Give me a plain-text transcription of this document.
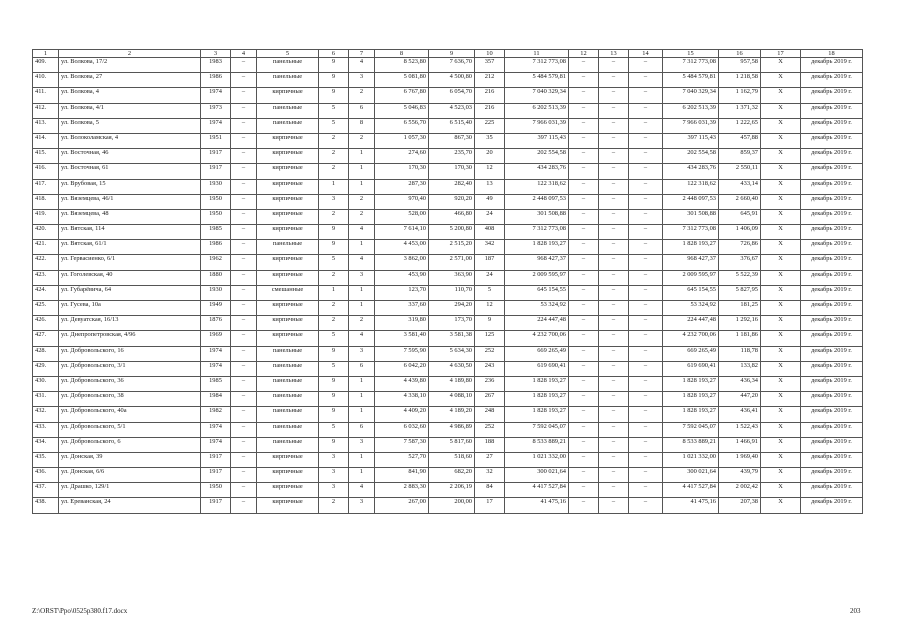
1	2	3	4	5	6	7	8	9	10	11	12	13	14	15	16	17	18
409.	ул. Волкова, 17/2	1983	–	панельные	9	4	8 523,80	7 636,70	357	7 312 773,08	–	–	–	7 312 773,08	957,58	X	декабрь 2019 г.
410.	ул. Волкова, 27	1986	–	панельные	9	3	5 081,80	4 500,80	212	5 484 579,81	–	–	–	5 484 579,81	1 218,58	X	декабрь 2019 г.
411.	ул. Волкова, 4	1974	–	кирпичные	9	2	6 767,80	6 054,70	216	7 040 329,34	–	–	–	7 040 329,34	1 162,79	X	декабрь 2019 г.
412.	ул. Волкова, 4/1	1973	–	панельные	5	6	5 046,83	4 523,03	216	6 202 513,39	–	–	–	6 202 513,39	1 371,32	X	декабрь 2019 г.
413.	ул. Волкова, 5	1974	–	панельные	5	8	6 556,70	6 515,40	225	7 966 031,39	–	–	–	7 966 031,39	1 222,65	X	декабрь 2019 г.
414.	ул. Волоколамская, 4	1951	–	кирпичные	2	2	1 057,30	867,30	35	397 115,43	–	–	–	397 115,43	457,88	X	декабрь 2019 г.
415.	ул. Восточная, 46	1917	–	кирпичные	2	1	274,60	235,70	20	202 554,58	–	–	–	202 554,58	859,37	X	декабрь 2019 г.
416.	ул. Восточная, 61	1917	–	кирпичные	2	1	170,30	170,30	12	434 283,76	–	–	–	434 283,76	2 550,11	X	декабрь 2019 г.
417.	ул. Врубовая, 15	1930	–	кирпичные	1	1	287,30	282,40	13	122 318,62	–	–	–	122 318,62	433,14	X	декабрь 2019 г.
418.	ул. Вяземцева, 46/1	1950	–	кирпичные	3	2	970,40	920,20	49	2 448 097,53	–	–	–	2 448 097,53	2 660,40	X	декабрь 2019 г.
419.	ул. Вяземцева, 48	1950	–	кирпичные	2	2	528,00	466,80	24	301 508,88	–	–	–	301 508,88	645,91	X	декабрь 2019 г.
420.	ул. Вятская, 114	1985	–	кирпичные	9	4	7 614,10	5 200,80	408	7 312 773,08	–	–	–	7 312 773,08	1 406,09	X	декабрь 2019 г.
421.	ул. Вятская, 61/1	1986	–	панельные	9	1	4 453,00	2 515,20	342	1 828 193,27	–	–	–	1 828 193,27	726,86	X	декабрь 2019 г.
422.	ул. Гервасиенко, 6/1	1962	–	кирпичные	5	4	3 862,00	2 571,00	187	968 427,37	–	–	–	968 427,37	376,67	X	декабрь 2019 г.
423.	ул. Гоголевская, 40	1880	–	кирпичные	2	3	453,90	363,90	24	2 009 595,97	–	–	–	2 009 595,97	5 522,39	X	декабрь 2019 г.
424.	ул. Губарёвича, 64	1930	–	смешанные	1	1	123,70	110,70	5	645 154,55	–	–	–	645 154,55	5 827,95	X	декабрь 2019 г.
425.	ул. Гусева, 10а	1949	–	кирпичные	2	1	337,60	294,20	12	53 324,92	–	–	–	53 324,92	181,25	X	декабрь 2019 г.
426.	ул. Девуатская, 16/13	1876	–	кирпичные	2	2	319,80	173,70	9	224 447,48	–	–	–	224 447,48	1 292,16	X	декабрь 2019 г.
427.	ул. Днепропетровская, 4/96	1969	–	кирпичные	5	4	3 581,40	3 581,38	125	4 232 700,06	–	–	–	4 232 700,06	1 181,86	X	декабрь 2019 г.
428.	ул. Добровольского, 16	1974	–	панельные	9	3	7 595,90	5 634,30	252	669 265,49	–	–	–	669 265,49	118,78	X	декабрь 2019 г.
429.	ул. Добровольского, 3/1	1974	–	панельные	5	6	6 042,20	4 630,50	243	619 690,41	–	–	–	619 690,41	133,82	X	декабрь 2019 г.
430.	ул. Добровольского, 36	1985	–	панельные	9	1	4 439,80	4 189,80	236	1 828 193,27	–	–	–	1 828 193,27	436,34	X	декабрь 2019 г.
431.	ул. Добровольского, 38	1984	–	панельные	9	1	4 338,10	4 088,10	267	1 828 193,27	–	–	–	1 828 193,27	447,20	X	декабрь 2019 г.
432.	ул. Добровольского, 40а	1982	–	панельные	9	1	4 409,20	4 189,20	248	1 828 193,27	–	–	–	1 828 193,27	436,41	X	декабрь 2019 г.
433.	ул. Добровольского, 5/1	1974	–	панельные	5	6	6 032,60	4 986,89	252	7 592 045,07	–	–	–	7 592 045,07	1 522,43	X	декабрь 2019 г.
434.	ул. Добровольского, 6	1974	–	панельные	9	3	7 587,30	5 817,60	188	8 533 889,21	–	–	–	8 533 889,21	1 466,91	X	декабрь 2019 г.
435.	ул. Донская, 39	1917	–	кирпичные	3	1	527,70	518,60	27	1 021 332,00	–	–	–	1 021 332,00	1 969,40	X	декабрь 2019 г.
436.	ул. Донская, 6/6	1917	–	кирпичные	3	1	841,90	682,20	32	300 021,64	–	–	–	300 021,64	439,79	X	декабрь 2019 г.
437.	ул. Драшко, 129/1	1950	–	кирпичные	3	4	2 883,30	2 206,19	84	4 417 527,84	–	–	–	4 417 527,84	2 002,42	X	декабрь 2019 г.
438.	ул. Ереванская, 24	1917	–	кирпичные	2	3	267,00	200,00	17	41 475,16	–	–	–	41 475,16	207,38	X	декабрь 2019 г.
Z:\ORST\Ppo\0525p380.f17.docx	203
